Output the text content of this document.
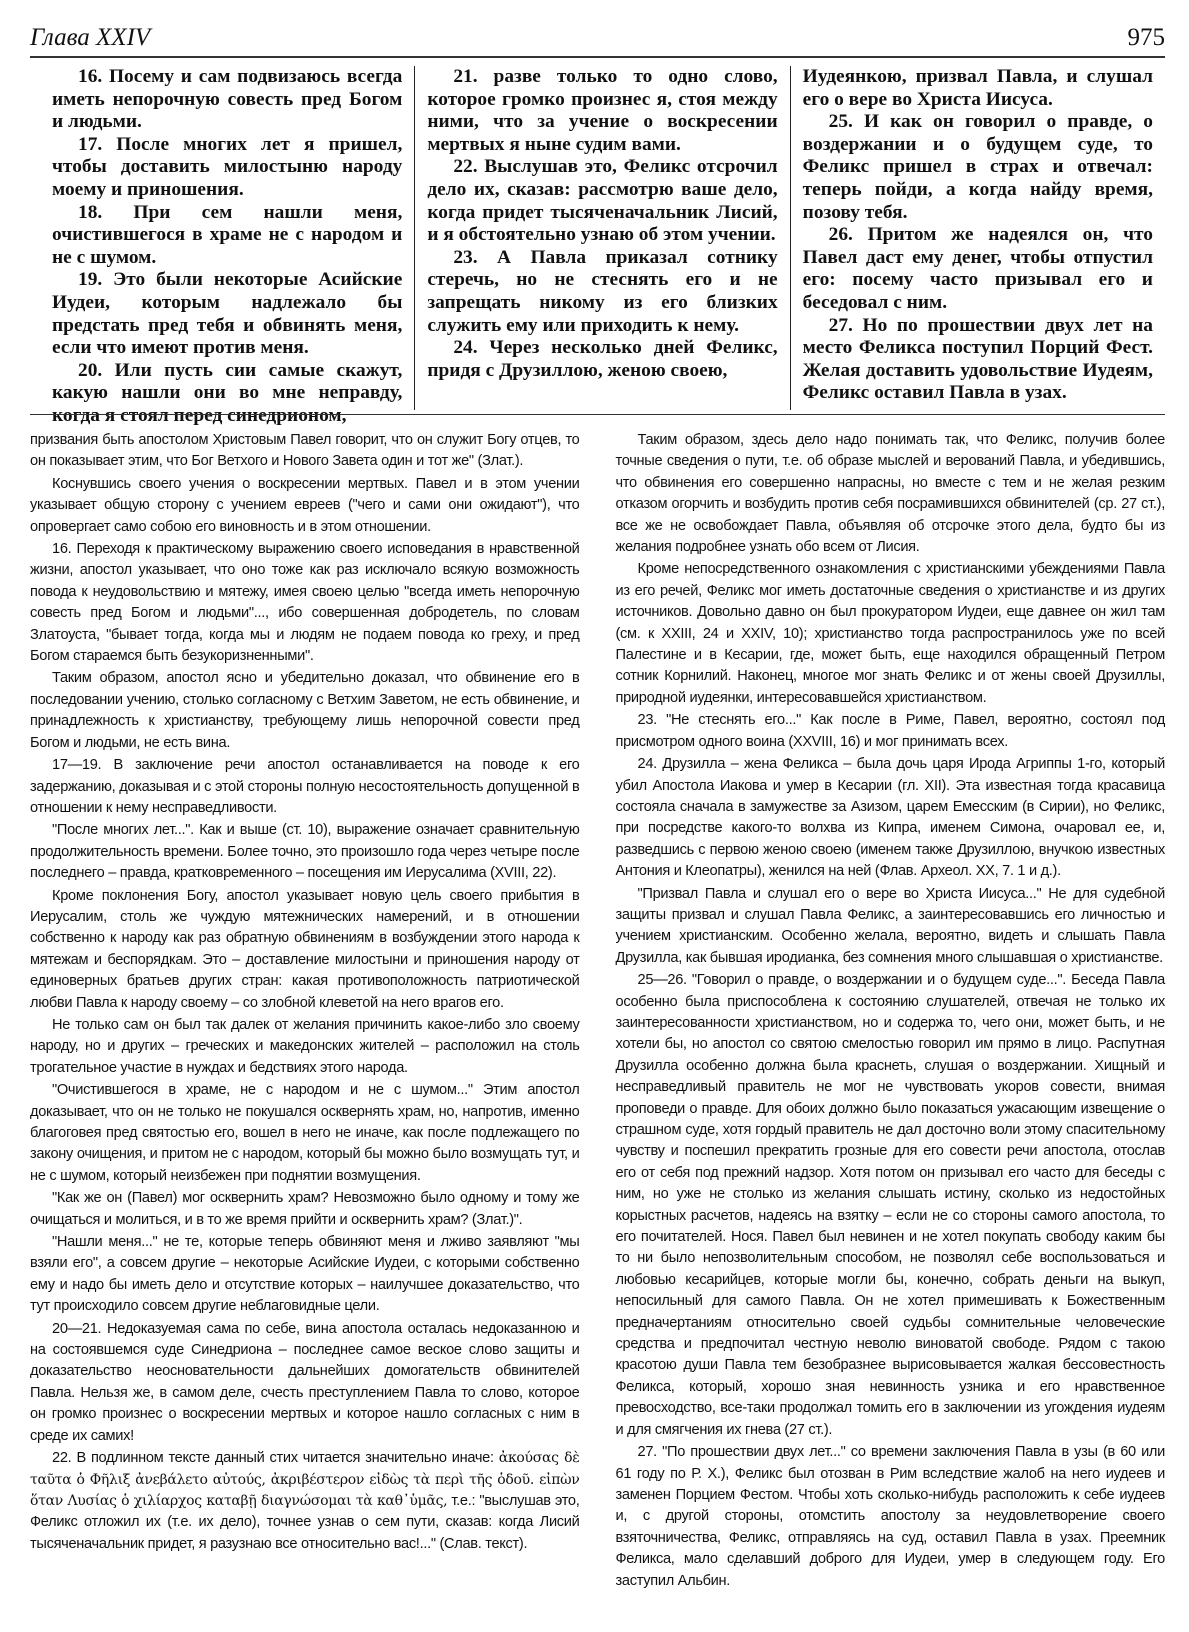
Глава XXIV	975

16. Посему и сам подвизаюсь всегда иметь непорочную совесть пред Богом и людьми.

17. После многих лет я пришел, чтобы доставить милостыню народу моему и приношения.

18. При сем нашли меня, очистившегося в храме не с народом и не с шумом.

19. Это были некоторые Асийские Иудеи, которым надлежало бы предстать пред тебя и обвинять меня, если что имеют против меня.

20. Или пусть сии самые скажут, какую нашли они во мне неправду, когда я стоял перед синедрионом,

21. разве только то одно слово, которое громко произнес я, стоя между ними, что за учение о воскресении мертвых я ныне судим вами.

22. Выслушав это, Феликс отсрочил дело их, сказав: рассмотрю ваше дело, когда придет тысяченачальник Лисий, и я обстоятельно узнаю об этом учении.

23. А Павла приказал сотнику стеречь, но не стеснять его и не запрещать никому из его близких служить ему или приходить к нему.

24. Через несколько дней Феликс, придя с Друзиллою, женою своею,

Иудеянкою, призвал Павла, и слушал его о вере во Христа Иисуса.

25. И как он говорил о правде, о воздержании и о будущем суде, то Феликс пришел в страх и отвечал: теперь пойди, а когда найду время, позову тебя.

26. Притом же надеялся он, что Павел даст ему денег, чтобы отпустил его: посему часто призывал его и беседовал с ним.

27. Но по прошествии двух лет на место Феликса поступил Порций Фест. Желая доставить удовольствие Иудеям, Феликс оставил Павла в узах.

призвания быть апостолом Христовым Павел говорит, что он служит Богу отцев, то он показывает этим, что Бог Ветхого и Нового Завета один и тот же" (Злат.).

Коснувшись своего учения о воскресении мертвых. Павел и в этом учении указывает общую сторону с учением евреев ("чего и сами они ожидают"), что опровергает само собою его виновность и в этом отношении.

16. Переходя к практическому выражению своего исповедания в нравственной жизни, апостол указывает, что оно тоже как раз исключало всякую возможность повода к неудовольствию и мятежу, имея своею целью "всегда иметь непорочную совесть пред Богом и людьми"..., ибо совершенная добродетель, по словам Златоуста, "бывает тогда, когда мы и людям не подаем повода ко греху, и пред Богом стараемся быть безукоризненными".

Таким образом, апостол ясно и убедительно доказал, что обвинение его в последовании учению, столько согласному с Ветхим Заветом, не есть обвинение, и принадлежность к христианству, требующему лишь непорочной совести пред Богом и людьми, не есть вина.

17—19. В заключение речи апостол останавливается на поводе к его задержанию, доказывая и с этой стороны полную несостоятельность допущенной в отношении к нему несправедливости.

"После многих лет...". Как и выше (ст. 10), выражение означает сравнительную продолжительность времени. Более точно, это произошло года через четыре после последнего – правда, кратковременного – посещения им Иерусалима (XVIII, 22).

Кроме поклонения Богу, апостол указывает новую цель своего прибытия в Иерусалим, столь же чуждую мятежнических намерений, и в отношении собственно к народу как раз обратную обвинениям в возбуждении этого народа к мятежам и беспорядкам. Это – доставление милостыни и приношения народу от единоверных братьев других стран: какая противоположность патриотической любви Павла к народу своему – со злобной клеветой на него врагов его.

Не только сам он был так далек от желания причинить какое-либо зло своему народу, но и других – греческих и македонских жителей – расположил на столь трогательное участие в нуждах и бедствиях этого народа.

"Очистившегося в храме, не с народом и не с шумом..." Этим апостол доказывает, что он не только не покушался осквернять храм, но, напротив, именно благоговея пред святостью его, вошел в него не иначе, как после подлежащего по закону очищения, и притом не с народом, который бы можно было возмущать тут, и не с шумом, который неизбежен при поднятии возмущения.

"Как же он (Павел) мог осквернить храм? Невозможно было одному и тому же очищаться и молиться, и в то же время прийти и осквернить храм? (Злат.)".

"Нашли меня..." не те, которые теперь обвиняют меня и лживо заявляют "мы взяли его", а совсем другие – некоторые Асийские Иудеи, с которыми собственно ему и надо бы иметь дело и отсутствие которых – наилучшее доказательство, что тут происходило совсем другие неблаговидные цели.

20—21. Недоказуемая сама по себе, вина апостола осталась недоказанною и на состоявшемся суде Синедриона – последнее самое веское слово защиты и доказательство неосновательности дальнейших домогательств обвинителей Павла. Нельзя же, в самом деле, счесть преступлением Павла то слово, которое он громко произнес о воскресении мертвых и которое нашло согласных с ним в среде их самих!

22. В подлинном тексте данный стих читается значительно иначе: ἀκούσας δὲ ταῦτα ὁ Φῆλιξ ἀνεβάλετο αὐτούς, ἀκριβέστερον εἰδὼς τὰ περὶ τῆς ὁδοῦ. εἰπὼν ὅταν Λυσίας ὁ χιλίαρχος καταβῇ διαγνώσομαι τὰ καθ᾽ὑμᾶς, т.е.: "выслушав это, Феликс отложил их (т.е. их дело), точнее узнав о сем пути, сказав: когда Лисий тысяченачальник придет, я разузнаю все относительно вас!..." (Слав. текст).

Таким образом, здесь дело надо понимать так, что Феликс, получив более точные сведения о пути, т.е. об образе мыслей и верований Павла, и убедившись, что обвинения его совершенно напрасны, но вместе с тем и не желая резким отказом огорчить и возбудить против себя посрамившихся обвинителей (ср. 27 ст.), все же не освобождает Павла, объявляя об отсрочке этого дела, будто бы из желания подробнее узнать обо всем от Лисия.

Кроме непосредственного ознакомления с христианскими убеждениями Павла из его речей, Феликс мог иметь достаточные сведения о христианстве и из других источников. Довольно давно он был прокуратором Иудеи, еще давнее он жил там (см. к XXIII, 24 и XXIV, 10); христианство тогда распространилось уже по всей Палестине и в Кесарии, где, может быть, еще находился обращенный Петром сотник Корнилий. Наконец, многое мог знать Феликс и от жены своей Друзиллы, природной иудеянки, интересовавшейся христианством.

23. "Не стеснять его..." Как после в Риме, Павел, вероятно, состоял под присмотром одного воина (XXVIII, 16) и мог принимать всех.

24. Друзилла – жена Феликса – была дочь царя Ирода Агриппы 1-го, который убил Апостола Иакова и умер в Кесарии (гл. XII). Эта известная тогда красавица состояла сначала в замужестве за Азизом, царем Емесским (в Сирии), но Феликс, при посредстве какого-то волхва из Кипра, именем Симона, очаровал ее, и, разведшись с первою женою своею (именем также Друзиллою, внучкою известных Антония и Клеопатры), женился на ней (Флав. Археол. XX, 7. 1 и д.).

"Призвал Павла и слушал его о вере во Христа Иисуса..." Не для судебной защиты призвал и слушал Павла Феликс, а заинтересовавшись его личностью и учением христианским. Особенно желала, вероятно, видеть и слышать Павла Друзилла, как бывшая иродианка, без сомнения много слышавшая о христианстве.

25—26. "Говорил о правде, о воздержании и о будущем суде...". Беседа Павла особенно была приспособлена к состоянию слушателей, отвечая не только их заинтересованности христианством, но и содержа то, чего они, может быть, и не хотели бы, но апостол со святою смелостью говорил им прямо в лицо. Распутная Друзилла особенно должна была краснеть, слушая о воздержании. Хищный и несправедливый правитель не мог не чувствовать укоров совести, внимая проповеди о правде. Для обоих должно было показаться ужасающим извещение о страшном суде, хотя гордый правитель не дал досточно воли этому спасительному чувству и поспешил прекратить грозные для его совести речи апостола, отослав его от себя под прежний надзор. Хотя потом он призывал его часто для беседы с ним, но уже не столько из желания слышать истину, сколько из недостойных корыстных расчетов, надеясь на взятку – если не со стороны самого апостола, то его почитателей. Нося. Павел был невинен и не хотел покупать свободу каким бы то ни было непозволительным способом, не позволял себе воспользоваться и любовью кесарийцев, которые могли бы, конечно, собрать деньги на выкуп, непосильный для самого Павла. Он не хотел примешивать к Божественным предначертаниям относительно своей судьбы сомнительные человеческие средства и предпочитал честную неволю виноватой свободе. Рядом с такою красотою души Павла тем безобразнее вырисовывается жалкая бессовестность Феликса, который, хорошо зная невинность узника и его нравственное превосходство, все-таки продолжал томить его в заключении из угождения иудеям и для смягчения их гнева (27 ст.).

27. "По прошествии двух лет..." со времени заключения Павла в узы (в 60 или 61 году по Р. Х.), Феликс был отозван в Рим вследствие жалоб на него иудеев и заменен Порцием Фестом. Чтобы хоть сколько-нибудь расположить к себе иудеев и, с другой стороны, отомстить апостолу за неудовлетворение своего взяточничества, Феликс, отправляясь на суд, оставил Павла в узах. Преемник Феликса, мало сделавший доброго для Иудеи, умер в следующем году. Его заступил Альбин.
